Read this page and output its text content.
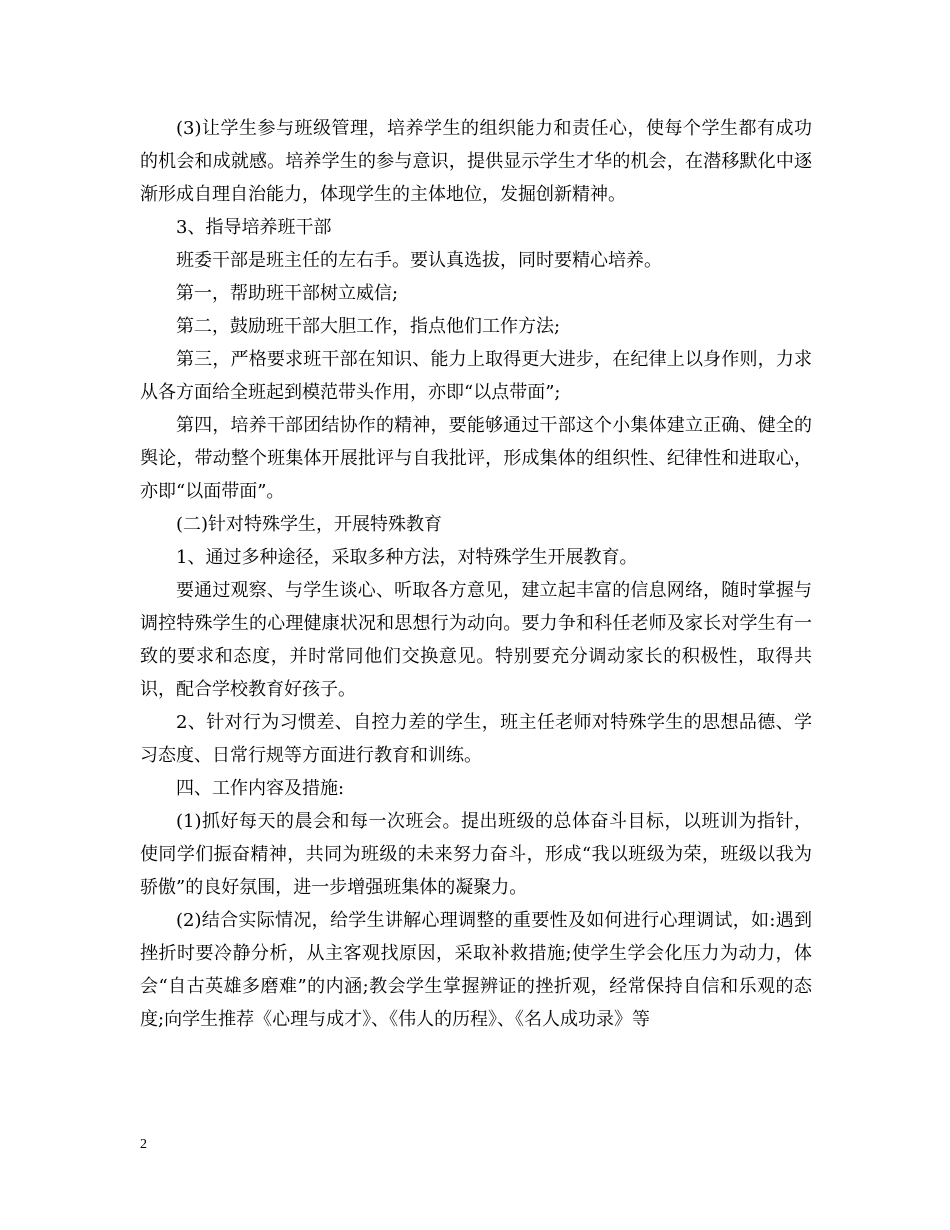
(3)让学生参与班级管理，培养学生的组织能力和责任心，使每个学生都有成功的机会和成就感。培养学生的参与意识，提供显示学生才华的机会，在潜移默化中逐渐形成自理自治能力，体现学生的主体地位，发掘创新精神。

3、指导培养班干部

班委干部是班主任的左右手。要认真选拔，同时要精心培养。

第一，帮助班干部树立威信;

第二，鼓励班干部大胆工作，指点他们工作方法;

第三，严格要求班干部在知识、能力上取得更大进步，在纪律上以身作则，力求从各方面给全班起到模范带头作用，亦即“以点带面”;

第四，培养干部团结协作的精神，要能够通过干部这个小集体建立正确、健全的舆论，带动整个班集体开展批评与自我批评，形成集体的组织性、纪律性和进取心，亦即“以面带面”。

(二)针对特殊学生，开展特殊教育

1、通过多种途径，采取多种方法，对特殊学生开展教育。

要通过观察、与学生谈心、听取各方意见，建立起丰富的信息网络，随时掌握与调控特殊学生的心理健康状况和思想行为动向。要力争和科任老师及家长对学生有一致的要求和态度，并时常同他们交换意见。特别要充分调动家长的积极性，取得共识，配合学校教育好孩子。

2、针对行为习惯差、自控力差的学生，班主任老师对特殊学生的思想品德、学习态度、日常行规等方面进行教育和训练。

四、工作内容及措施:

(1)抓好每天的晨会和每一次班会。提出班级的总体奋斗目标，以班训为指针，使同学们振奋精神，共同为班级的未来努力奋斗，形成“我以班级为荣，班级以我为骄傲”的良好氛围，进一步增强班集体的凝聚力。

(2)结合实际情况，给学生讲解心理调整的重要性及如何进行心理调试，如:遇到挫折时要冷静分析，从主客观找原因，采取补救措施;使学生学会化压力为动力，体会“自古英雄多磨难”的内涵;教会学生掌握辨证的挫折观，经常保持自信和乐观的态度;向学生推荐《心理与成才》、《伟人的历程》、《名人成功录》等

2
